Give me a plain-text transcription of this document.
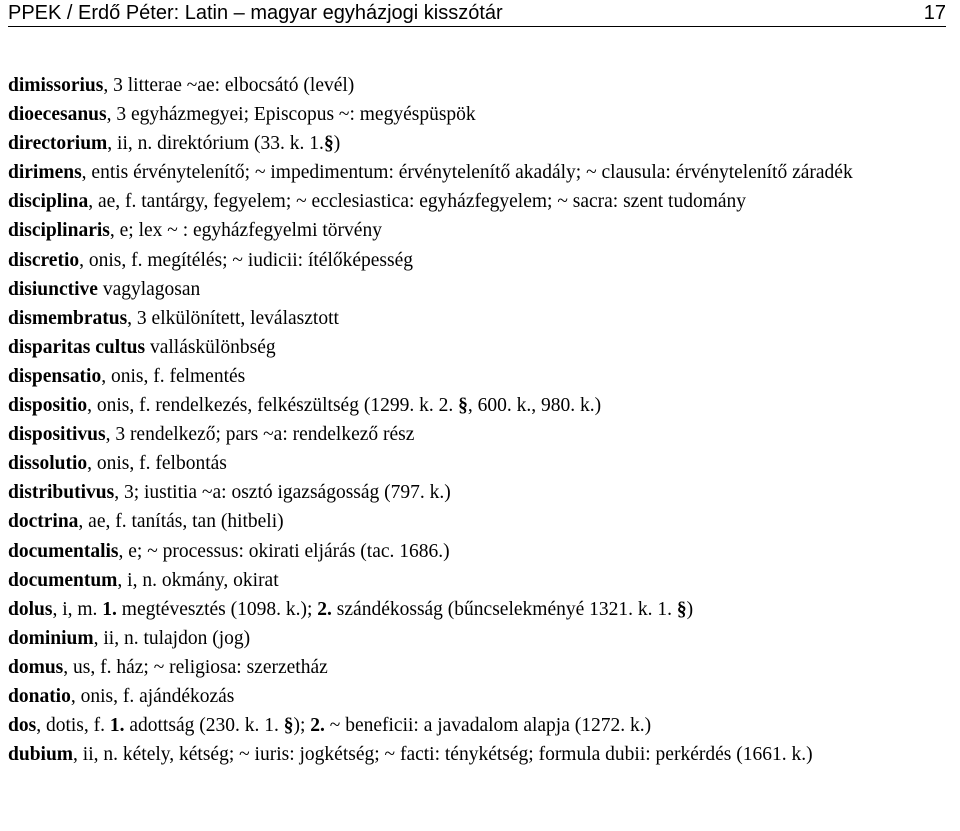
PPEK / Erdő Péter: Latin – magyar egyházjogi kisszótár	17

dimissorius, 3 litterae ~ae: elbocsátó (levél)

dioecesanus, 3 egyházmegyei; Episcopus ~: megyéspüspök

directorium, ii, n. direktórium (33. k. 1.§)

dirimens, entis érvénytelenítő; ~ impedimentum: érvénytelenítő akadály; ~ clausula: érvénytelenítő záradék

disciplina, ae, f. tantárgy, fegyelem; ~ ecclesiastica: egyházfegyelem; ~ sacra: szent tudomány

disciplinaris, e; lex ~ : egyházfegyelmi törvény

discretio, onis, f. megítélés; ~ iudicii: ítélőképesség

disiunctive vagylagosan

dismembratus, 3 elkülönített, leválasztott

disparitas cultus valláskülönbség

dispensatio, onis, f. felmentés

dispositio, onis, f. rendelkezés, felkészültség (1299. k. 2. §, 600. k., 980. k.)

dispositivus, 3 rendelkező; pars ~a: rendelkező rész

dissolutio, onis, f. felbontás

distributivus, 3; iustitia ~a: osztó igazságosság (797. k.)

doctrina, ae, f. tanítás, tan (hitbeli)

documentalis, e; ~ processus: okirati eljárás (tac. 1686.)

documentum, i, n. okmány, okirat

dolus, i, m. 1. megtévesztés (1098. k.); 2. szándékosság (bűncselekményé 1321. k. 1. §)

dominium, ii, n. tulajdon (jog)

domus, us, f. ház; ~ religiosa: szerzetház

donatio, onis, f. ajándékozás

dos, dotis, f. 1. adottság (230. k. 1. §); 2. ~ beneficii: a javadalom alapja (1272. k.)

dubium, ii, n. kétely, kétség; ~ iuris: jogkétség; ~ facti: ténykétség; formula dubii: perkérdés (1661. k.)
